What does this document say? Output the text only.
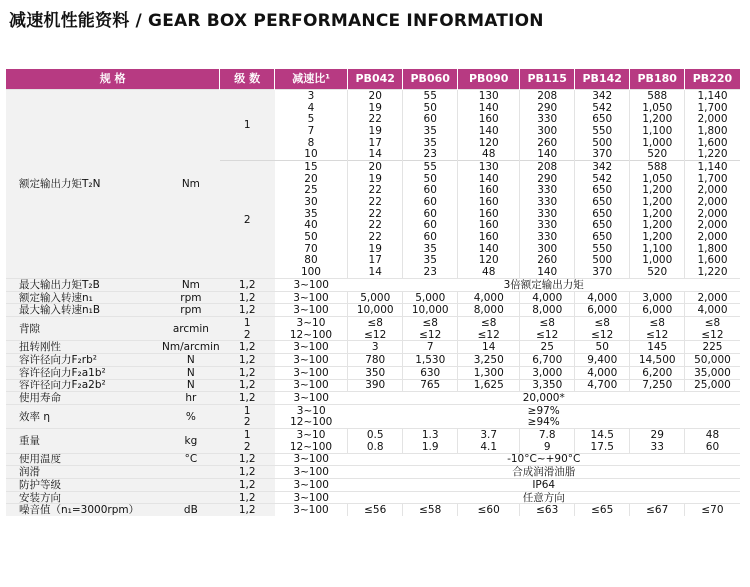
减速机性能资料 / GEAR BOX PERFORMANCE INFORMATION
规 格		级 数	减速比¹	PB042	PB060	PB090	PB115	PB142	PB180	PB220
额定输出力矩T₂N	Nm	1	3	20	55	130	208	342	588	1,140
			4	19	50	140	290	542	1,050	1,700
			5	22	60	160	330	650	1,200	2,000
			7	19	35	140	300	550	1,100	1,800
			8	17	35	120	260	500	1,000	1,600
			10	14	23	48	140	370	520	1,220
		2	15	20	55	130	208	342	588	1,140
			20	19	50	140	290	542	1,050	1,700
			25	22	60	160	330	650	1,200	2,000
			30	22	60	160	330	650	1,200	2,000
			35	22	60	160	330	650	1,200	2,000
			40	22	60	160	330	650	1,200	2,000
			50	22	60	160	330	650	1,200	2,000
			70	19	35	140	300	550	1,100	1,800
			80	17	35	120	260	500	1,000	1,600
			100	14	23	48	140	370	520	1,220
最大输出力矩T₂B	Nm	1,2	3~100	3倍额定输出力矩						
额定输入转速n₁	rpm	1,2	3~100	5,000	5,000	4,000	4,000	4,000	3,000	2,000
最大输入转速n₁B	rpm	1,2	3~100	10,000	10,000	8,000	8,000	6,000	6,000	4,000
背隙	arcmin	1	3~10	≤8	≤8	≤8	≤8	≤8	≤8	≤8
		2	12~100	≤12	≤12	≤12	≤12	≤12	≤12	≤12
扭转刚性	Nm/arcmin	1,2	3~100	3	7	14	25	50	145	225
容许径向力F₂rb²	N	1,2	3~100	780	1,530	3,250	6,700	9,400	14,500	50,000
容许径向力F₂a1b²	N	1,2	3~100	350	630	1,300	3,000	4,000	6,200	35,000
容许径向力F₂a2b²	N	1,2	3~100	390	765	1,625	3,350	4,700	7,250	25,000
使用寿命	hr	1,2	3~100	20,000*						
效率 η	%	1	3~10	≥97%						
		2	12~100	≥94%						
重量	kg	1	3~10	0.5	1.3	3.7	7.8	14.5	29	48
		2	12~100	0.8	1.9	4.1	9	17.5	33	60
使用温度	°C	1,2	3~100	-10°C~+90°C						
润滑		1,2	3~100	合成润滑油脂						
防护等级		1,2	3~100	IP64						
安装方向		1,2	3~100	任意方向						
噪音值（n₁=3000rpm）	dB	1,2	3~100	≤56	≤58	≤60	≤63	≤65	≤67	≤70
